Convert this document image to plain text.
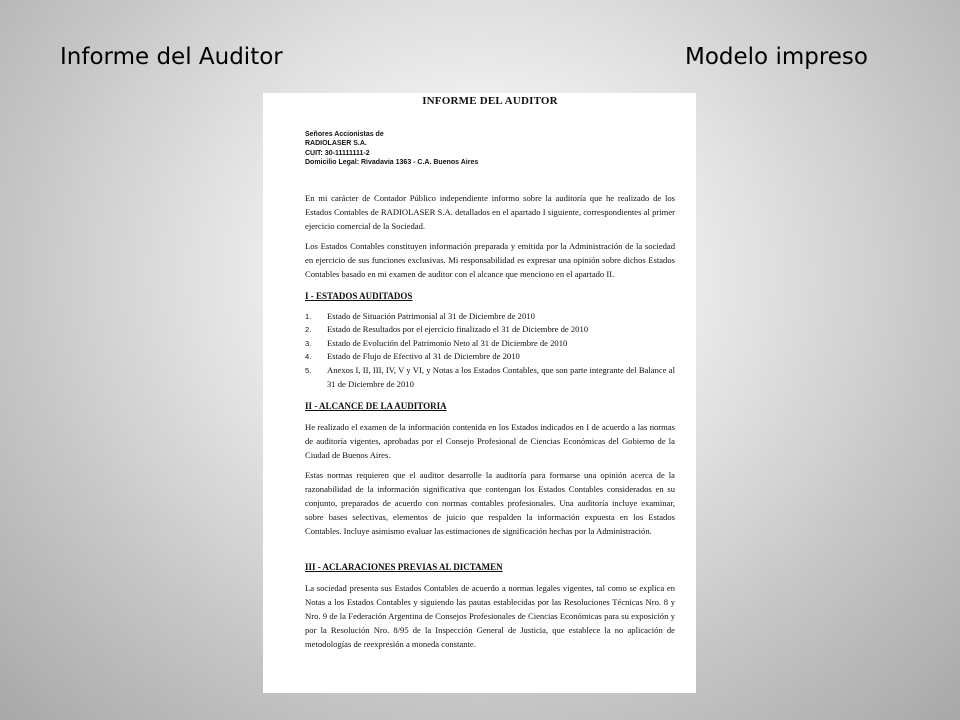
Informe del Auditor	Modelo impreso
INFORME DEL AUDITOR
Señores Accionistas de
RADIOLASER S.A.
CUIT: 30-11111111-2
Domicilio Legal: Rivadavia 1363 - C.A. Buenos Aires

En mi carácter de Contador Público independiente informo sobre la auditoría que he realizado de los Estados Contables de RADIOLASER S.A. detallados en el apartado I siguiente, correspondientes al primer ejercicio comercial de la Sociedad.

Los Estados Contables constituyen información preparada y emitida por la Administración de la sociedad en ejercicio de sus funciones exclusivas. Mi responsabilidad es expresar una opinión sobre dichos Estados Contables basado en mi examen de auditor con el alcance que menciono en el apartado II.

I - ESTADOS AUDITADOS
1.	Estado de Situación Patrimonial al 31 de Diciembre de 2010
2.	Estado de Resultados por el ejercicio finalizado el 31 de Diciembre de 2010
3.	Estado de Evolución del Patrimonio Neto al 31 de Diciembre de 2010
4.	Estado de Flujo de Efectivo al 31 de Diciembre de 2010
5.	Anexos I, II, III, IV, V y VI, y Notas a los Estados Contables, que son parte integrante del Balance al 31 de Diciembre de 2010
II - ALCANCE DE LA AUDITORIA

He realizado el examen de la información contenida en los Estados indicados en I de acuerdo a las normas de auditoría vigentes, aprobadas por el Consejo Profesional de Ciencias Económicas del Gobierno de la Ciudad de Buenos Aires.

Estas normas requieren que el auditor desarrolle la auditoría para formarse una opinión acerca de la razonabilidad de la información significativa que contengan los Estados Contables considerados en su conjunto, preparados de acuerdo con normas contables profesionales. Una auditoría incluye examinar, sobre bases selectivas, elementos de juicio que respalden la información expuesta en los Estados Contables. Incluye asimismo evaluar las estimaciones de significación hechas por la Administración.

III - ACLARACIONES PREVIAS AL DICTAMEN

La sociedad presenta sus Estados Contables de acuerdo a normas legales vigentes, tal como se explica en Notas a los Estados Contables y siguiendo las pautas establecidas por las Resoluciones Técnicas Nro. 8 y Nro. 9 de la Federación Argentina de Consejos Profesionales de Ciencias Económicas para su exposición y por la Resolución Nro. 8/95 de la Inspección General de Justicia, que establece la no aplicación de metodologías de reexpresión a moneda constante.
